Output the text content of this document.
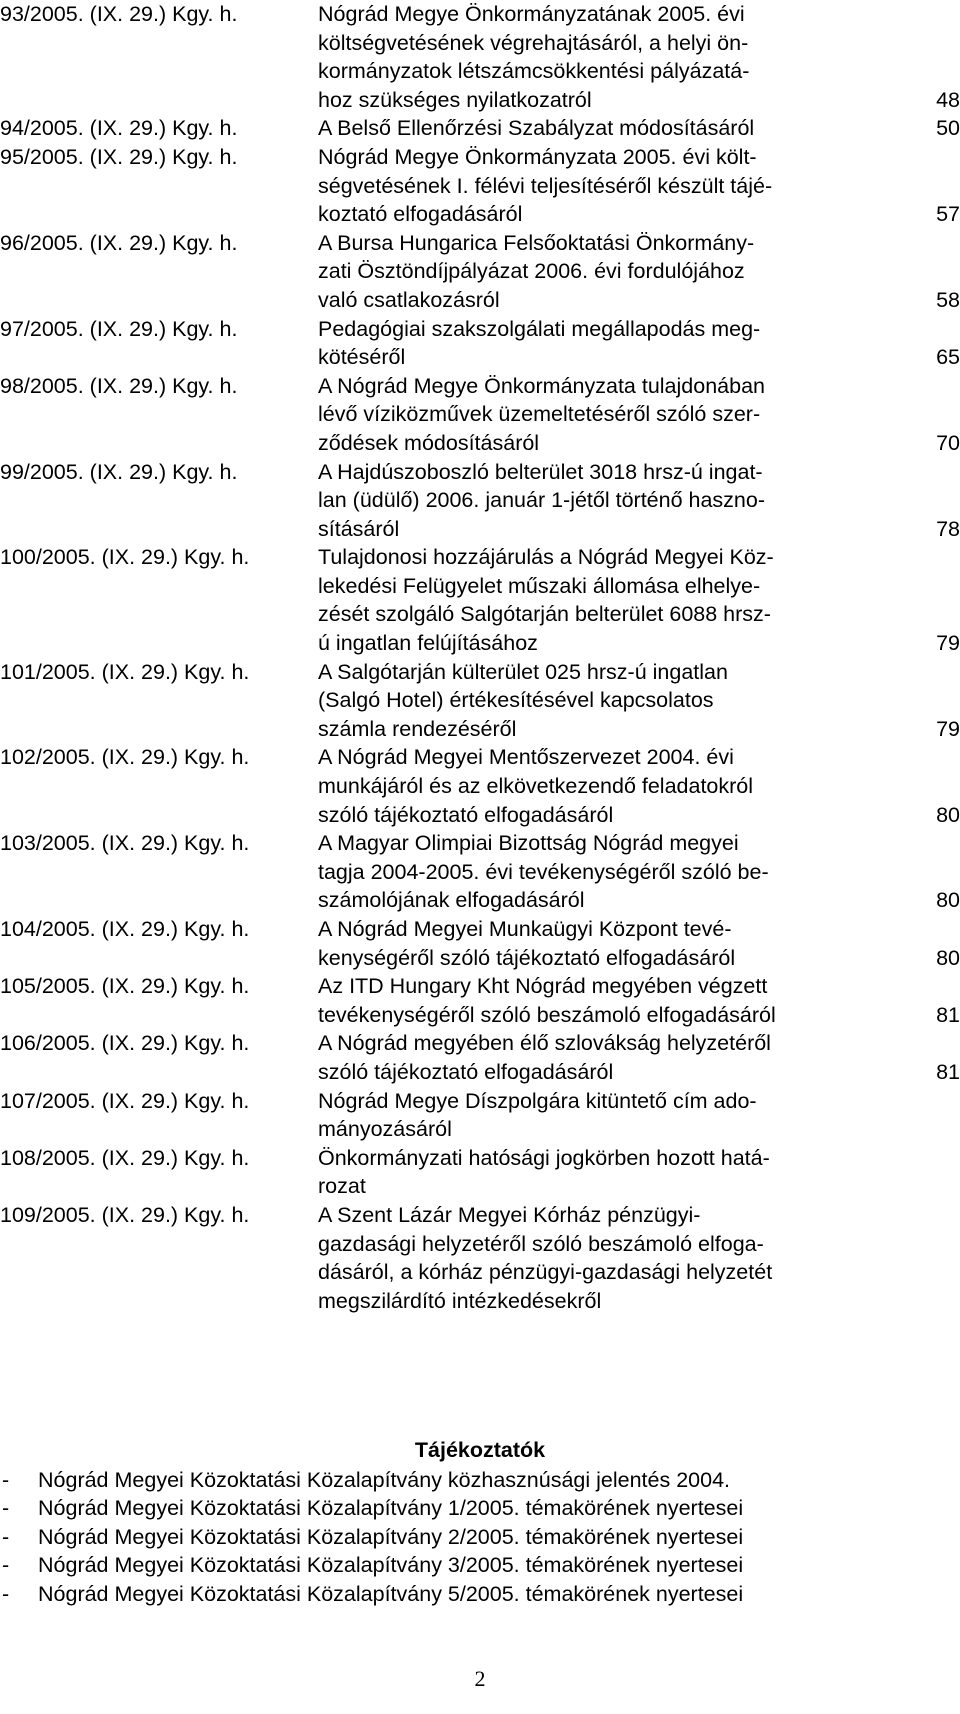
93/2005. (IX. 29.) Kgy. h.	Nógrád Megye Önkormányzatának 2005. évi
költségvetésének végrehajtásáról, a helyi ön-
kormányzatok létszámcsökkentési pályázatá-
hoz szükséges nyilatkozatról	48
94/2005. (IX. 29.) Kgy. h.	A Belső Ellenőrzési Szabályzat módosításáról	50
95/2005. (IX. 29.) Kgy. h.	Nógrád Megye Önkormányzata 2005. évi költ-
ségvetésének I. félévi teljesítéséről készült tájé-
koztató elfogadásáról	57
96/2005. (IX. 29.) Kgy. h.	A Bursa Hungarica Felsőoktatási Önkormány-
zati Ösztöndíjpályázat 2006. évi fordulójához
való csatlakozásról	58
97/2005. (IX. 29.) Kgy. h.	Pedagógiai szakszolgálati megállapodás meg-
kötéséről	65
98/2005. (IX. 29.) Kgy. h.	A Nógrád Megye Önkormányzata tulajdonában
lévő víziközművek üzemeltetéséről szóló szer-
ződések módosításáról	70
99/2005. (IX. 29.) Kgy. h.	A Hajdúszoboszló belterület 3018 hrsz-ú ingat-
lan (üdülő) 2006. január 1-jétől történő haszno-
sításáról	78
100/2005. (IX. 29.) Kgy. h.	Tulajdonosi hozzájárulás a Nógrád Megyei Köz-
lekedési Felügyelet műszaki állomása elhelye-
zését szolgáló Salgótarján belterület 6088 hrsz-
ú ingatlan felújításához	79
101/2005. (IX. 29.) Kgy. h.	A Salgótarján külterület 025 hrsz-ú ingatlan
(Salgó Hotel) értékesítésével kapcsolatos
számla rendezéséről	79
102/2005. (IX. 29.) Kgy. h.	A Nógrád Megyei Mentőszervezet 2004. évi
munkájáról és az elkövetkezendő feladatokról
szóló tájékoztató elfogadásáról	80
103/2005. (IX. 29.) Kgy. h.	A Magyar Olimpiai Bizottság Nógrád megyei
tagja 2004-2005. évi tevékenységéről szóló be-
számolójának elfogadásáról	80
104/2005. (IX. 29.) Kgy. h.	A Nógrád Megyei Munkaügyi Központ tevé-
kenységéről szóló tájékoztató elfogadásáról	80
105/2005. (IX. 29.) Kgy. h.	Az ITD Hungary Kht Nógrád megyében végzett
tevékenységéről szóló beszámoló elfogadásáról	81
106/2005. (IX. 29.) Kgy. h.	A Nógrád megyében élő szlovákság helyzetéről
szóló tájékoztató elfogadásáról	81
107/2005. (IX. 29.) Kgy. h.	Nógrád Megye Díszpolgára kitüntető cím ado-
mányozásáról
108/2005. (IX. 29.) Kgy. h.	Önkormányzati hatósági jogkörben hozott hatá-
rozat
109/2005. (IX. 29.) Kgy. h.	A Szent Lázár Megyei Kórház pénzügyi-
gazdasági helyzetéről szóló beszámoló elfoga-
dásáról, a kórház pénzügyi-gazdasági helyzetét
megszilárdító intézkedésekről
Tájékoztatók
-	Nógrád Megyei Közoktatási Közalapítvány közhasznúsági jelentés 2004.
-	Nógrád Megyei Közoktatási Közalapítvány 1/2005. témakörének nyertesei
-	Nógrád Megyei Közoktatási Közalapítvány 2/2005. témakörének nyertesei
-	Nógrád Megyei Közoktatási Közalapítvány 3/2005. témakörének nyertesei
-	Nógrád Megyei Közoktatási Közalapítvány 5/2005. témakörének nyertesei
2
